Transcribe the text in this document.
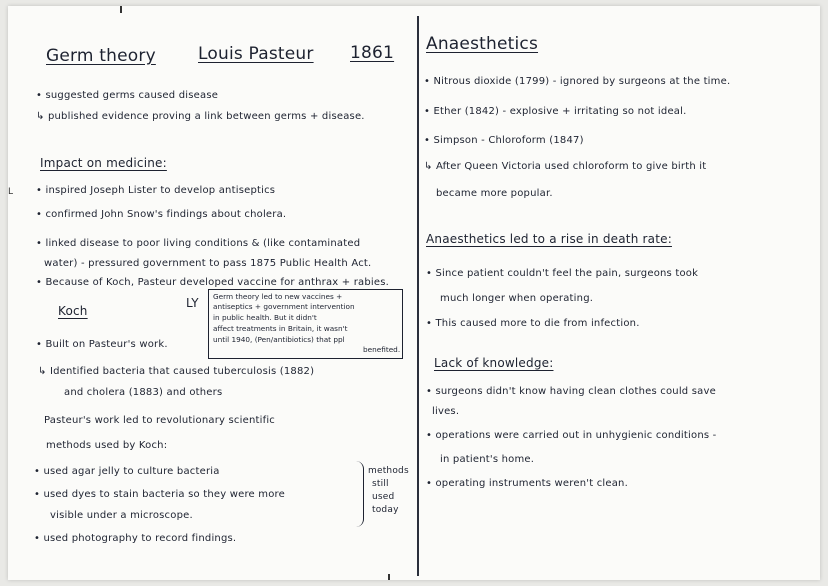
Germ theory Louis Pasteur 1861
• suggested germs caused disease
↳ published evidence proving a link between germs + disease.
Impact on medicine:
L • inspired Joseph Lister to develop antiseptics
• confirmed John Snow's findings about cholera.
• linked disease to poor living conditions & (like contaminated
water) - pressured government to pass 1875 Public Health Act.
• Because of Koch, Pasteur developed vaccine for anthrax + rabies.
Koch
LY Germ theory led to new vaccines +
antiseptics + government intervention
in public health. But it didn't
affect treatments in Britain, it wasn't
until 1940, (Pen/antibiotics) that ppl
benefited.
• Built on Pasteur's work.
↳ Identified bacteria that caused tuberculosis (1882)
and cholera (1883) and others
Pasteur's work led to revolutionary scientific
methods used by Koch:
• used agar jelly to culture bacteria
• used dyes to stain bacteria so they were more
visible under a microscope.
• used photography to record findings.
methods
still
used
today
Anaesthetics
• Nitrous dioxide (1799) - ignored by surgeons at the time.
• Ether (1842) - explosive + irritating so not ideal.
• Simpson - Chloroform (1847)
↳ After Queen Victoria used chloroform to give birth it
became more popular.
Anaesthetics led to a rise in death rate:
• Since patient couldn't feel the pain, surgeons took
much longer when operating.
• This caused more to die from infection.
Lack of knowledge:
• surgeons didn't know having clean clothes could save
lives.
• operations were carried out in unhygienic conditions -
in patient's home.
• operating instruments weren't clean.
